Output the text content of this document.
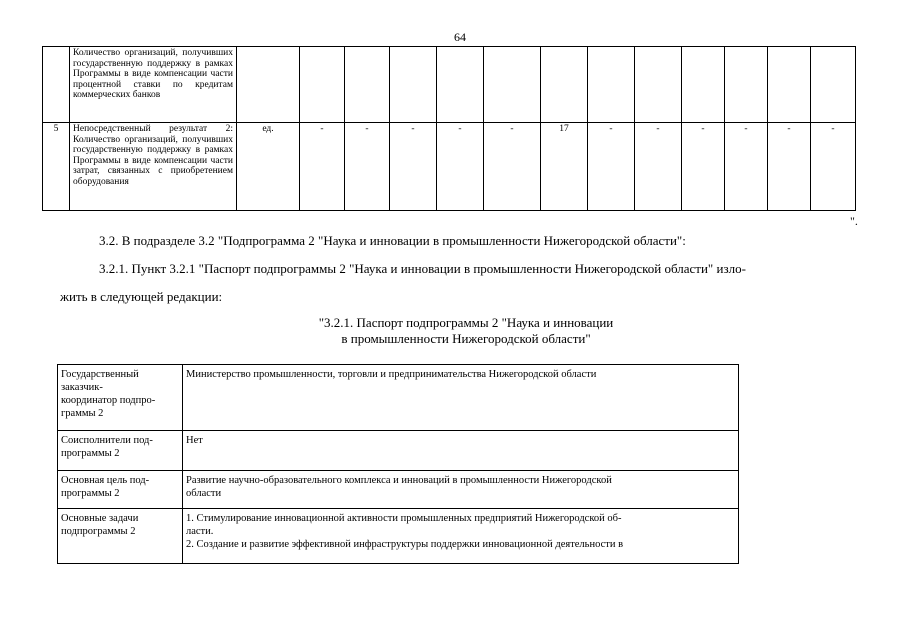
64
	Количество организаций, получивших государственную поддержку в рамках Программы в виде компенсации части процентной ставки по кредитам коммерческих банков													
5	Непосредственный результат 2: Количество организаций, получивших государственную поддержку в рамках Программы в виде компенсации части затрат, связанных с приобретением оборудования	ед.	-	-	-	-	-	17	-	-	-	-	-	-
".
3.2. В подразделе 3.2 "Подпрограмма 2 "Наука и инновации в промышленности Нижегородской области":
3.2.1. Пункт 3.2.1 "Паспорт подпрограммы 2 "Наука и инновации в промышленности Нижегородской области" изло-
жить в следующей редакции:
"3.2.1. Паспорт подпрограммы 2 "Наука и инновации
в промышленности Нижегородской области"
Государственный
заказчик-
координатор подпро-
граммы 2	Министерство промышленности, торговли и предпринимательства Нижегородской области

Соисполнители под-
программы 2	Нет

Основная цель под-
программы 2	Развитие научно-образовательного комплекса и инноваций в промышленности Нижегородской
области

Основные задачи
подпрограммы 2	1. Стимулирование инновационной активности промышленных предприятий Нижегородской об-
ласти.
2. Создание и развитие эффективной инфраструктуры поддержки инновационной деятельности в
